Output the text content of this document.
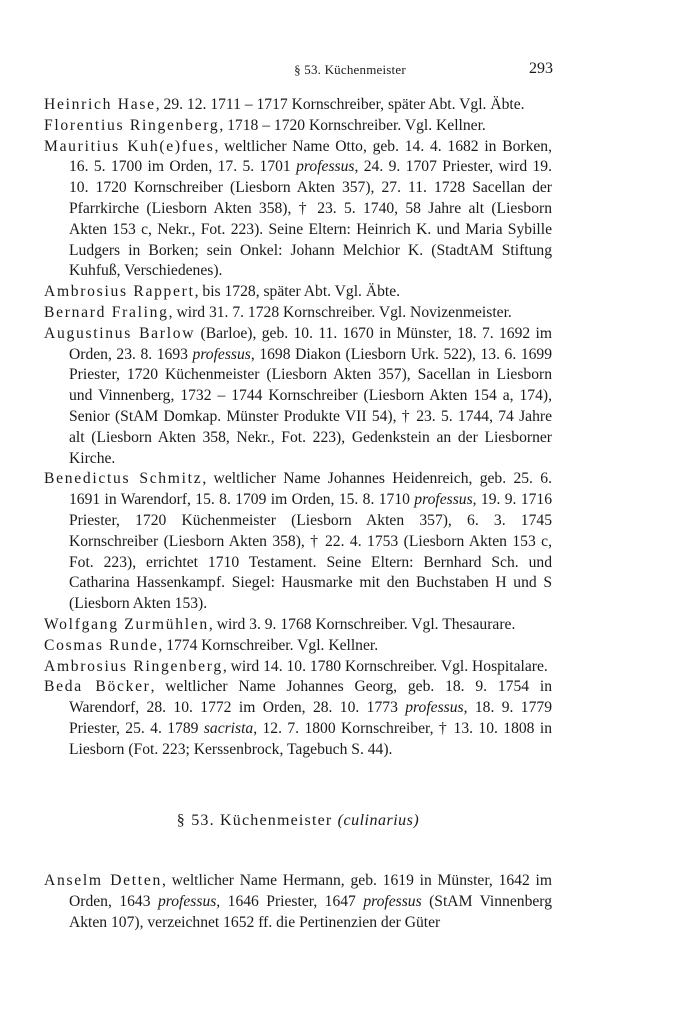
§ 53. Küchenmeister	293

Heinrich Hase, 29. 12. 1711 – 1717 Kornschreiber, später Abt. Vgl. Äbte.

Florentius Ringenberg, 1718 – 1720 Kornschreiber. Vgl. Kellner.

Mauritius Kuh(e)fues, weltlicher Name Otto, geb. 14. 4. 1682 in Borken, 16. 5. 1700 im Orden, 17. 5. 1701 professus, 24. 9. 1707 Priester, wird 19. 10. 1720 Kornschreiber (Liesborn Akten 357), 27. 11. 1728 Sacellan der Pfarrkirche (Liesborn Akten 358), † 23. 5. 1740, 58 Jahre alt (Liesborn Akten 153 c, Nekr., Fot. 223). Seine Eltern: Heinrich K. und Maria Sybille Ludgers in Borken; sein Onkel: Johann Melchior K. (StadtAM Stiftung Kuhfuß, Verschiedenes).

Ambrosius Rappert, bis 1728, später Abt. Vgl. Äbte.

Bernard Fraling, wird 31. 7. 1728 Kornschreiber. Vgl. Novizenmeister.

Augustinus Barlow (Barloe), geb. 10. 11. 1670 in Münster, 18. 7. 1692 im Orden, 23. 8. 1693 professus, 1698 Diakon (Liesborn Urk. 522), 13. 6. 1699 Priester, 1720 Küchenmeister (Liesborn Akten 357), Sacellan in Liesborn und Vinnenberg, 1732 – 1744 Kornschreiber (Liesborn Akten 154 a, 174), Senior (StAM Domkap. Münster Produkte VII 54), † 23. 5. 1744, 74 Jahre alt (Liesborn Akten 358, Nekr., Fot. 223), Gedenkstein an der Liesborner Kirche.

Benedictus Schmitz, weltlicher Name Johannes Heidenreich, geb. 25. 6. 1691 in Warendorf, 15. 8. 1709 im Orden, 15. 8. 1710 professus, 19. 9. 1716 Priester, 1720 Küchenmeister (Liesborn Akten 357), 6. 3. 1745 Kornschreiber (Liesborn Akten 358), † 22. 4. 1753 (Liesborn Akten 153 c, Fot. 223), errichtet 1710 Testament. Seine Eltern: Bernhard Sch. und Catharina Hassenkampf. Siegel: Hausmarke mit den Buchstaben H und S (Liesborn Akten 153).

Wolfgang Zurmühlen, wird 3. 9. 1768 Kornschreiber. Vgl. Thesaurare.

Cosmas Runde, 1774 Kornschreiber. Vgl. Kellner.

Ambrosius Ringenberg, wird 14. 10. 1780 Kornschreiber. Vgl. Hospitalare.

Beda Böcker, weltlicher Name Johannes Georg, geb. 18. 9. 1754 in Warendorf, 28. 10. 1772 im Orden, 28. 10. 1773 professus, 18. 9. 1779 Priester, 25. 4. 1789 sacrista, 12. 7. 1800 Kornschreiber, † 13. 10. 1808 in Liesborn (Fot. 223; Kerssenbrock, Tagebuch S. 44).

§ 53. Küchenmeister (culinarius)

Anselm Detten, weltlicher Name Hermann, geb. 1619 in Münster, 1642 im Orden, 1643 professus, 1646 Priester, 1647 professus (StAM Vinnenberg Akten 107), verzeichnet 1652 ff. die Pertinenzien der Güter
